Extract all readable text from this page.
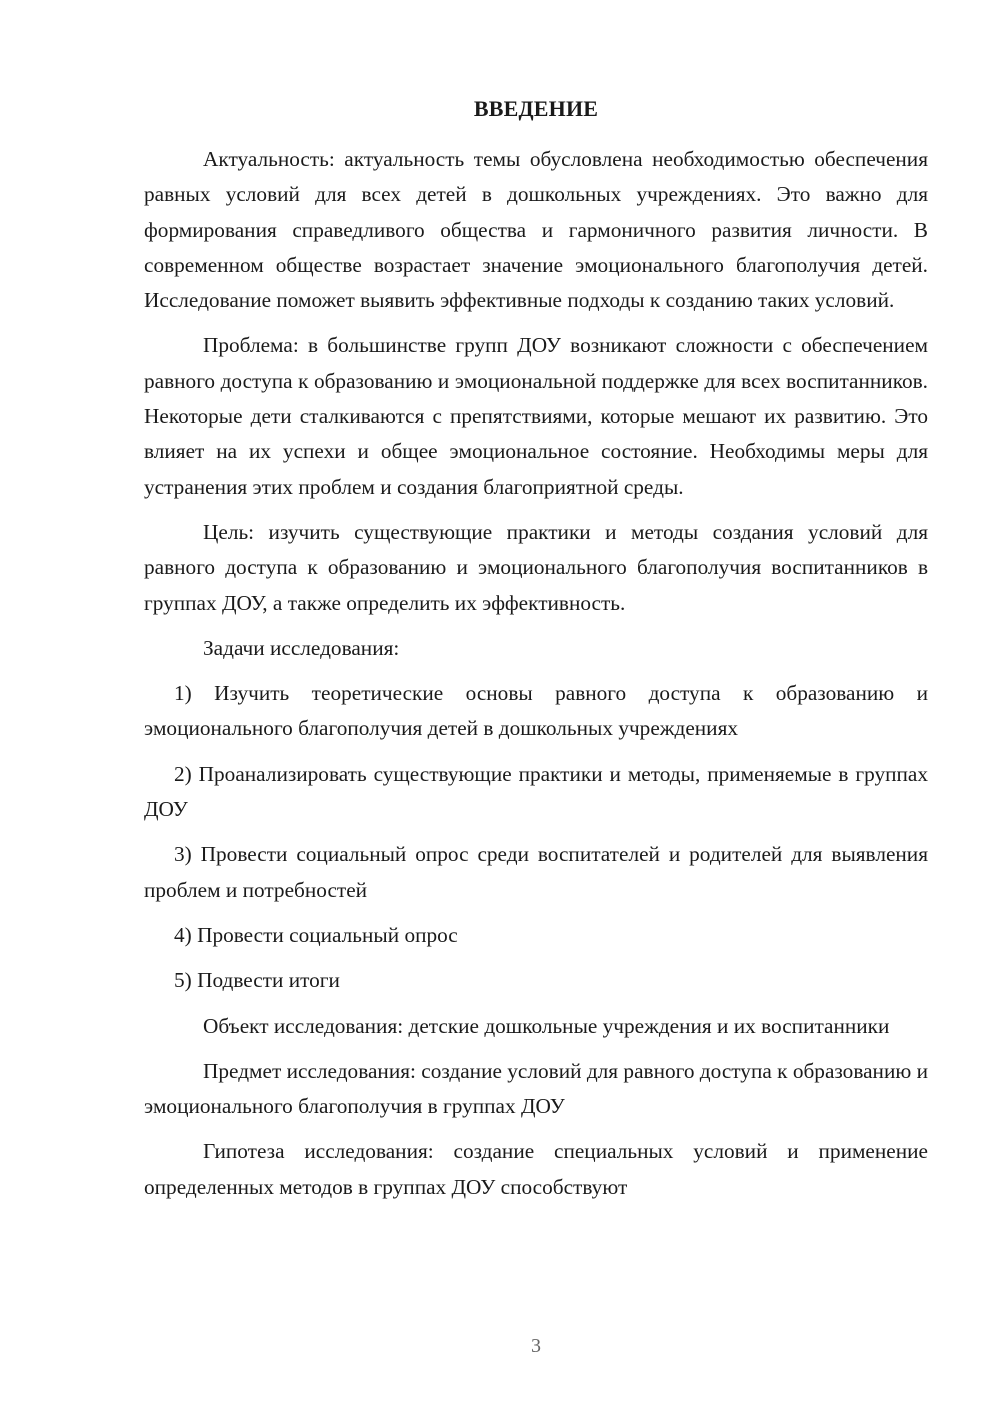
ВВЕДЕНИЕ

Актуальность: актуальность темы обусловлена необходимостью обеспечения равных условий для всех детей в дошкольных учреждениях. Это важно для формирования справедливого общества и гармоничного развития личности. В современном обществе возрастает значение эмоционального благополучия детей. Исследование поможет выявить эффективные подходы к созданию таких условий.

Проблема: в большинстве групп ДОУ возникают сложности с обеспечением равного доступа к образованию и эмоциональной поддержке для всех воспитанников. Некоторые дети сталкиваются с препятствиями, которые мешают их развитию. Это влияет на их успехи и общее эмоциональное состояние. Необходимы меры для устранения этих проблем и создания благоприятной среды.

Цель: изучить существующие практики и методы создания условий для равного доступа к образованию и эмоционального благополучия воспитанников в группах ДОУ, а также определить их эффективность.

Задачи исследования:

1) Изучить теоретические основы равного доступа к образованию и эмоционального благополучия детей в дошкольных учреждениях

2) Проанализировать существующие практики и методы, применяемые в группах ДОУ

3) Провести социальный опрос среди воспитателей и родителей для выявления проблем и потребностей

4) Провести социальный опрос

5) Подвести итоги

Объект исследования: детские дошкольные учреждения и их воспитанники

Предмет исследования: создание условий для равного доступа к образованию и эмоционального благополучия в группах ДОУ

Гипотеза исследования: создание специальных условий и применение определенных методов в группах ДОУ способствуют

3
